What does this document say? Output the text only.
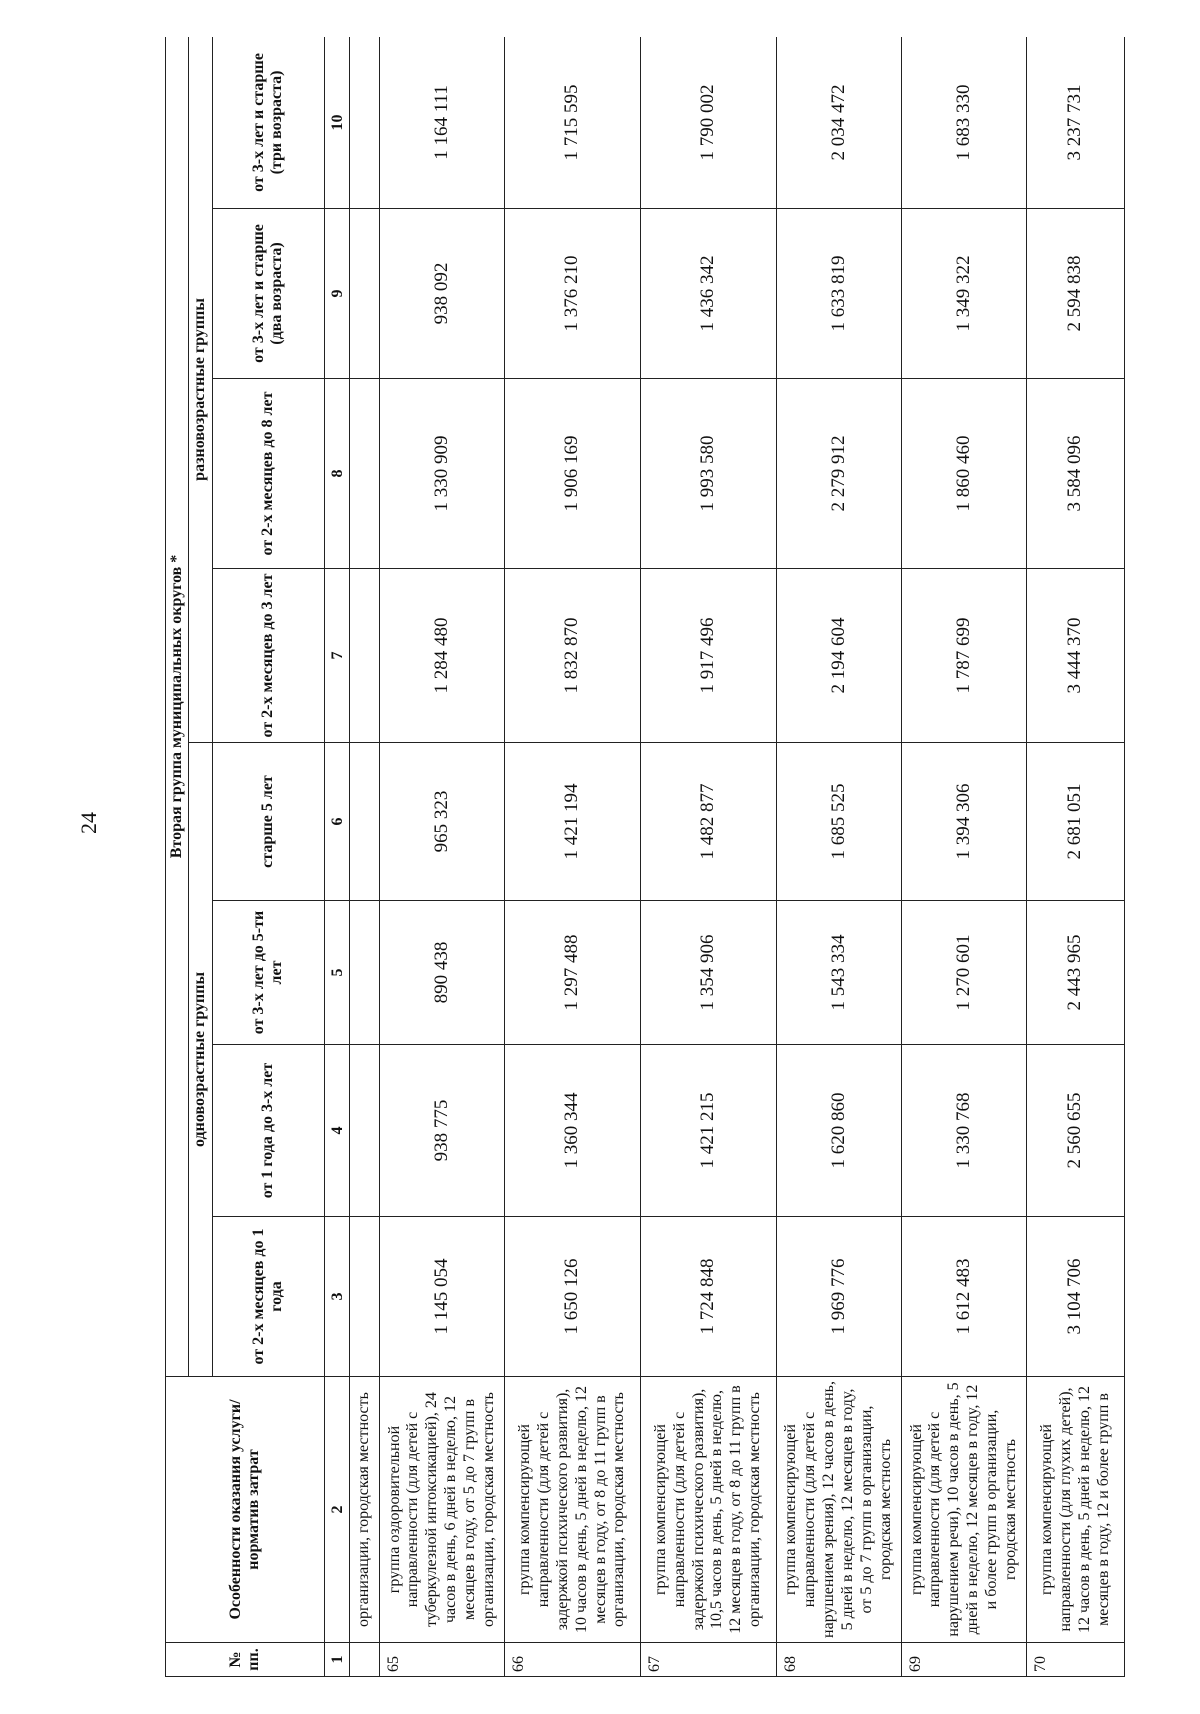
24
№ пп.	Особенности оказания услуги/норматив затрат	Вторая группа муниципальных округов *							
		одновозрастные группы				разновозрастные группы			
		от 2-х месяцев до 1 года	от 1 года до 3-х лет	от 3-х лет до 5-ти лет	старше 5 лет	от 2-х месяцев до 3 лет	от 2-х месяцев до 8 лет	от 3-х лет и старше (два возраста)	от 3-х лет и старше (три возраста)
1	2	3	4	5	6	7	8	9	10
	организации, городская местность								
65	группа оздоровительной направленности (для детей с туберкулезной интоксикацией), 24 часов в день, 6 дней в неделю, 12 месяцев в году, от 5 до 7 групп в организации, городская местность	1 145 054	938 775	890 438	965 323	1 284 480	1 330 909	938 092	1 164 111
66	группа компенсирующей направленности (для детей с задержкой психического развития), 10 часов в день, 5 дней в неделю, 12 месяцев в году, от 8 до 11 групп в организации, городская местность	1 650 126	1 360 344	1 297 488	1 421 194	1 832 870	1 906 169	1 376 210	1 715 595
67	группа компенсирующей направленности (для детей с задержкой психического развития), 10,5 часов в день, 5 дней в неделю, 12 месяцев в году, от 8 до 11 групп в организации, городская местность	1 724 848	1 421 215	1 354 906	1 482 877	1 917 496	1 993 580	1 436 342	1 790 002
68	группа компенсирующей направленности (для детей с нарушением зрения), 12 часов в день, 5 дней в неделю, 12 месяцев в году, от 5 до 7 групп в организации, городская местность	1 969 776	1 620 860	1 543 334	1 685 525	2 194 604	2 279 912	1 633 819	2 034 472
69	группа компенсирующей направленности (для детей с нарушением речи), 10 часов в день, 5 дней в неделю, 12 месяцев в году, 12 и более групп в организации, городская местность	1 612 483	1 330 768	1 270 601	1 394 306	1 787 699	1 860 460	1 349 322	1 683 330
70	группа компенсирующей направленности (для глухих детей), 12 часов в день, 5 дней в неделю, 12 месяцев в году, 12 и более групп в	3 104 706	2 560 655	2 443 965	2 681 051	3 444 370	3 584 096	2 594 838	3 237 731
